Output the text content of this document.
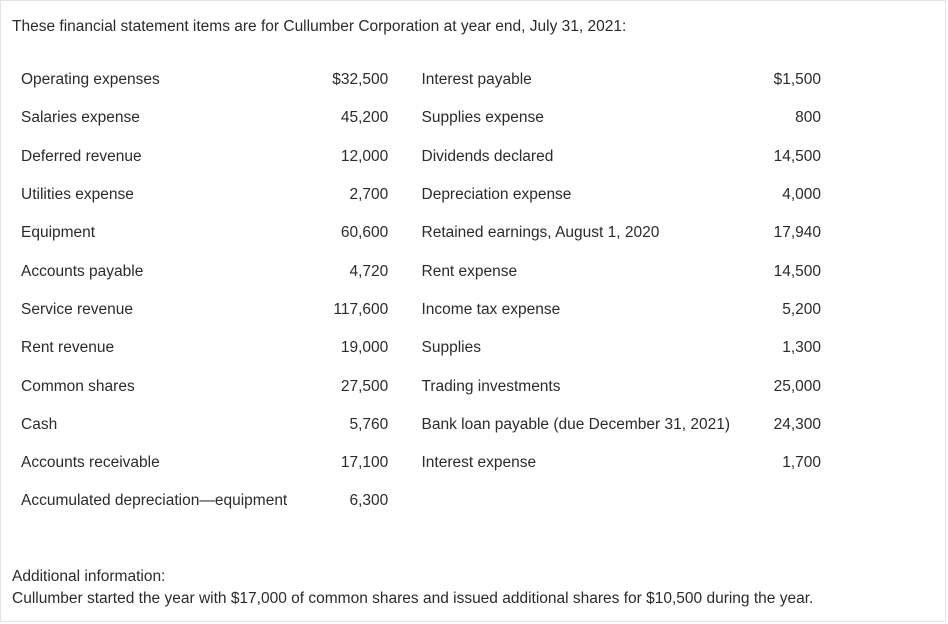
These financial statement items are for Cullumber Corporation at year end, July 31, 2021:
Operating expenses	$32,500		Interest payable	$1,500
Salaries expense	45,200		Supplies expense	800
Deferred revenue	12,000		Dividends declared	14,500
Utilities expense	2,700		Depreciation expense	4,000
Equipment	60,600		Retained earnings, August 1, 2020	17,940
Accounts payable	4,720		Rent expense	14,500
Service revenue	117,600		Income tax expense	5,200
Rent revenue	19,000		Supplies	1,300
Common shares	27,500		Trading investments	25,000
Cash	5,760		Bank loan payable (due December 31, 2021)	24,300
Accounts receivable	17,100		Interest expense	1,700
Accumulated depreciation—equipment	6,300			
Additional information:
Cullumber started the year with $17,000 of common shares and issued additional shares for $10,500 during the year.
